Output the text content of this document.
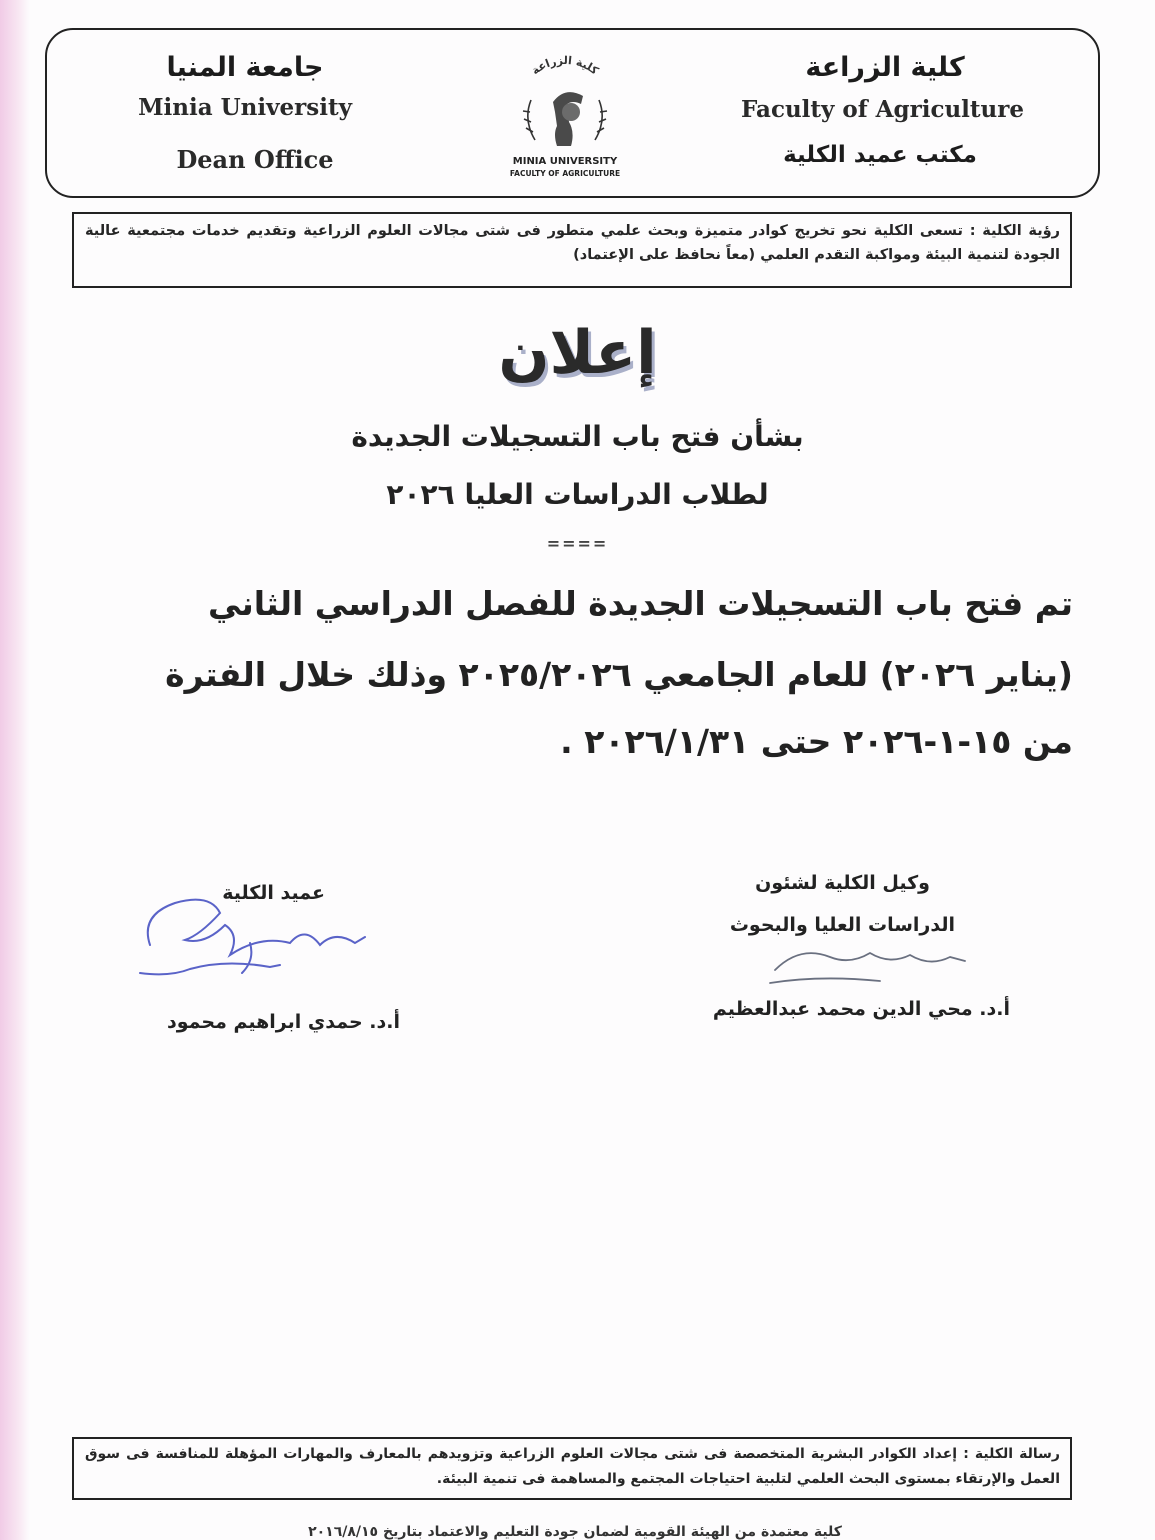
كلية الزراعة
Faculty of Agriculture
مكتب عميد الكلية
جامعة المنيا
Minia University
Dean Office
كلية الزراعة
MINIA UNIVERSITY
FACULTY OF AGRICULTURE
رؤية الكلية : تسعى الكلية نحو تخريج كوادر متميزة وبحث علمي متطور فى شتى مجالات العلوم الزراعية وتقديم خدمات مجتمعية عالية الجودة لتنمية البيئة ومواكبة التقدم العلمي (معاً نحافظ على الإعتماد)
إعلان
بشأن فتح باب التسجيلات الجديدة
لطلاب الدراسات العليا ٢٠٢٦
====
تم فتح باب التسجيلات الجديدة للفصل الدراسي الثاني
(يناير ٢٠٢٦) للعام الجامعي ٢٠٢٥/٢٠٢٦ وذلك خلال الفترة
من ١٥-١-٢٠٢٦ حتى ٢٠٢٦/١/٣١ .
وكيل الكلية لشئون
الدراسات العليا والبحوث
أ.د. محي الدين محمد عبدالعظيم
عميد الكلية
أ.د. حمدي ابراهيم محمود
رسالة الكلية : إعداد الكوادر البشرية المتخصصة فى شتى مجالات العلوم الزراعية وتزويدهم بالمعارف والمهارات المؤهلة للمنافسة فى سوق العمل والإرتقاء بمستوى البحث العلمي لتلبية احتياجات المجتمع والمساهمة فى تنمية البيئة.
كلية معتمدة من الهيئة القومية لضمان جودة التعليم والاعتماد بتاريخ ٢٠١٦/٨/١٥
